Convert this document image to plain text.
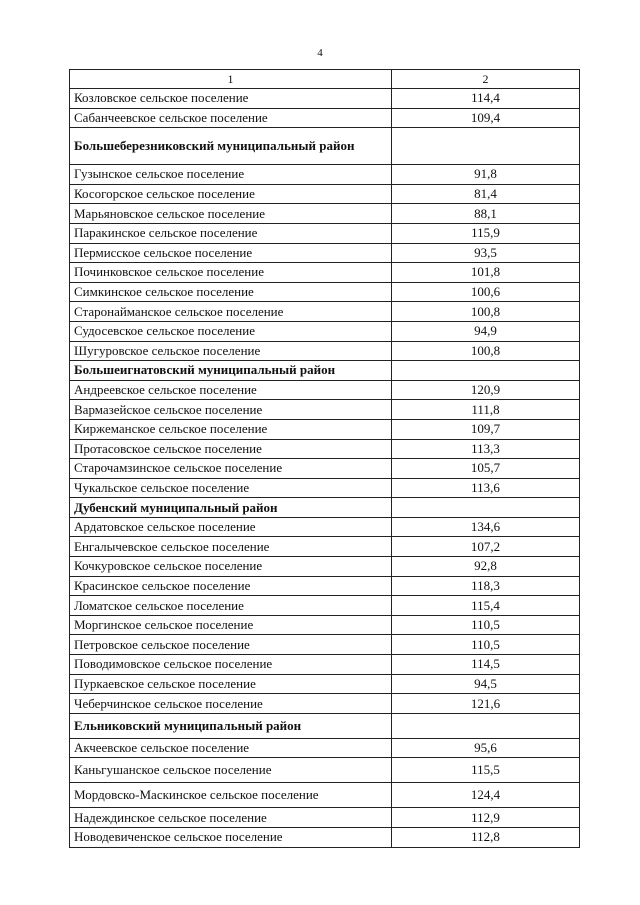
4
1	2
Козловское сельское поселение	114,4
Сабанчеевское сельское поселение	109,4
Большеберезниковский муниципальный район	
Гузынское сельское поселение	91,8
Косогорское сельское поселение	81,4
Марьяновское сельское поселение	88,1
Паракинское сельское поселение	115,9
Пермисское сельское поселение	93,5
Починковское сельское поселение	101,8
Симкинское сельское поселение	100,6
Старонайманское сельское поселение	100,8
Судосевское сельское поселение	94,9
Шугуровское сельское поселение	100,8
Большеигнатовский муниципальный район	
Андреевское сельское поселение	120,9
Вармазейское сельское поселение	111,8
Киржеманское сельское поселение	109,7
Протасовское сельское поселение	113,3
Старочамзинское сельское поселение	105,7
Чукальское сельское поселение	113,6
Дубенский муниципальный район	
Ардатовское сельское поселение	134,6
Енгалычевское сельское поселение	107,2
Кочкуровское сельское поселение	92,8
Красинское сельское поселение	118,3
Ломатское сельское поселение	115,4
Моргинское сельское поселение	110,5
Петровское сельское поселение	110,5
Поводимовское сельское поселение	114,5
Пуркаевское сельское поселение	94,5
Чеберчинское сельское поселение	121,6
Ельниковский муниципальный район	
Акчеевское сельское поселение	95,6
Каньгушанское сельское поселение	115,5
Мордовско-Маскинское сельское поселение	124,4
Надеждинское сельское поселение	112,9
Новодевиченское сельское поселение	112,8
